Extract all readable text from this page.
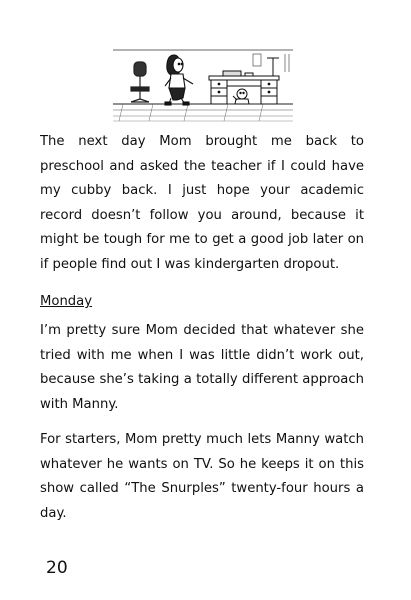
The next day Mom brought me back to preschool and asked the teacher if I could have my cubby back. I just hope your academic record doesn’t follow you around, because it might be tough for me to get a good job later on if people find out I was kindergarten dropout.

Monday

I’m pretty sure Mom decided that whatever she tried with me when I was little didn’t work out, because she’s taking a totally different approach with Manny.

For starters, Mom pretty much lets Manny watch whatever he wants on TV. So he keeps it on this show called “The Snurples” twenty-four hours a day.

20
